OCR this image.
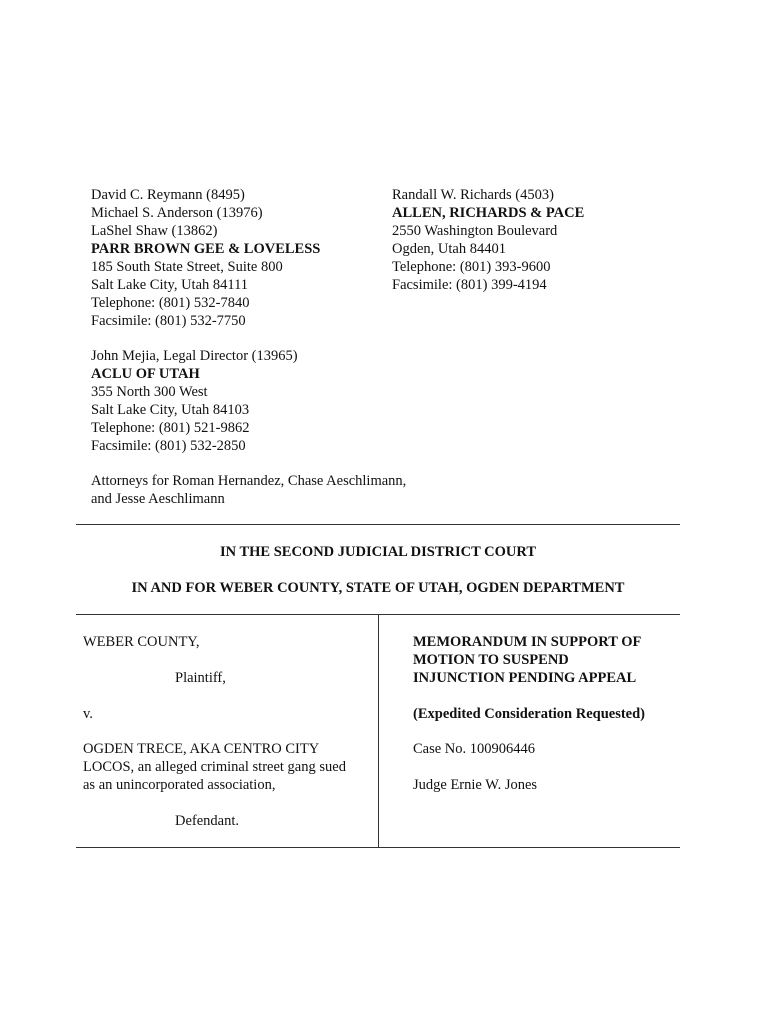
David C. Reymann (8495)
Michael S. Anderson (13976)
LaShel Shaw (13862)
PARR BROWN GEE & LOVELESS
185 South State Street, Suite 800
Salt Lake City, Utah 84111
Telephone: (801) 532-7840
Facsimile: (801) 532-7750
Randall W. Richards (4503)
ALLEN, RICHARDS & PACE
2550 Washington Boulevard
Ogden, Utah 84401
Telephone: (801) 393-9600
Facsimile: (801) 399-4194
John Mejia, Legal Director (13965)
ACLU OF UTAH
355 North 300 West
Salt Lake City, Utah 84103
Telephone: (801) 521-9862
Facsimile: (801) 532-2850
Attorneys for Roman Hernandez, Chase Aeschlimann,
and Jesse Aeschlimann
IN THE SECOND JUDICIAL DISTRICT COURT
IN AND FOR WEBER COUNTY, STATE OF UTAH, OGDEN DEPARTMENT
WEBER COUNTY,
Plaintiff,
v.
OGDEN TRECE, AKA CENTRO CITY
LOCOS, an alleged criminal street gang sued
as an unincorporated association,
Defendant.
MEMORANDUM IN SUPPORT OF
MOTION TO SUSPEND
INJUNCTION PENDING APPEAL
(Expedited Consideration Requested)
Case No. 100906446
Judge Ernie W. Jones
